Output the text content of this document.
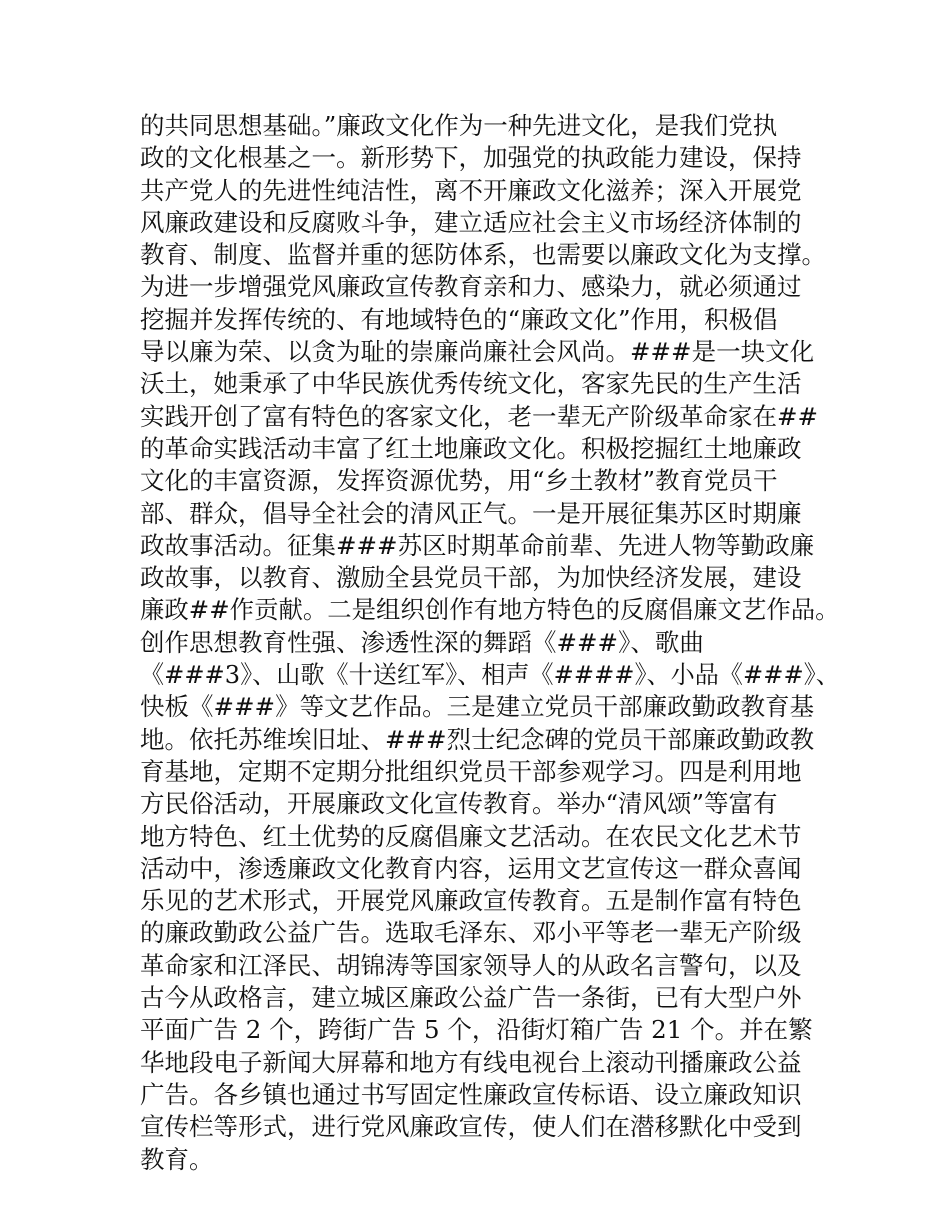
的共同思想基础。”廉政文化作为一种先进文化，是我们党执
政的文化根基之一。新形势下，加强党的执政能力建设，保持
共产党人的先进性纯洁性，离不开廉政文化滋养；深入开展党
风廉政建设和反腐败斗争，建立适应社会主义市场经济体制的
教育、制度、监督并重的惩防体系，也需要以廉政文化为支撑。
为进一步增强党风廉政宣传教育亲和力、感染力，就必须通过
挖掘并发挥传统的、有地域特色的“廉政文化”作用，积极倡
导以廉为荣、以贪为耻的崇廉尚廉社会风尚。###是一块文化
沃土，她秉承了中华民族优秀传统文化，客家先民的生产生活
实践开创了富有特色的客家文化，老一辈无产阶级革命家在##
的革命实践活动丰富了红土地廉政文化。积极挖掘红土地廉政
文化的丰富资源，发挥资源优势，用“乡土教材”教育党员干
部、群众，倡导全社会的清风正气。一是开展征集苏区时期廉
政故事活动。征集###苏区时期革命前辈、先进人物等勤政廉
政故事，以教育、激励全县党员干部，为加快经济发展，建设
廉政##作贡献。二是组织创作有地方特色的反腐倡廉文艺作品。
创作思想教育性强、渗透性深的舞蹈《###》、歌曲
《###3》、山歌《十送红军》、相声《####》、小品《###》、
快板《###》等文艺作品。三是建立党员干部廉政勤政教育基
地。依托苏维埃旧址、###烈士纪念碑的党员干部廉政勤政教
育基地，定期不定期分批组织党员干部参观学习。四是利用地
方民俗活动，开展廉政文化宣传教育。举办“清风颂”等富有
地方特色、红土优势的反腐倡廉文艺活动。在农民文化艺术节
活动中，渗透廉政文化教育内容，运用文艺宣传这一群众喜闻
乐见的艺术形式，开展党风廉政宣传教育。五是制作富有特色
的廉政勤政公益广告。选取毛泽东、邓小平等老一辈无产阶级
革命家和江泽民、胡锦涛等国家领导人的从政名言警句，以及
古今从政格言，建立城区廉政公益广告一条街，已有大型户外
平面广告 2 个，跨街广告 5 个，沿街灯箱广告 21 个。并在繁
华地段电子新闻大屏幕和地方有线电视台上滚动刊播廉政公益
广告。各乡镇也通过书写固定性廉政宣传标语、设立廉政知识
宣传栏等形式，进行党风廉政宣传，使人们在潜移默化中受到
教育。
